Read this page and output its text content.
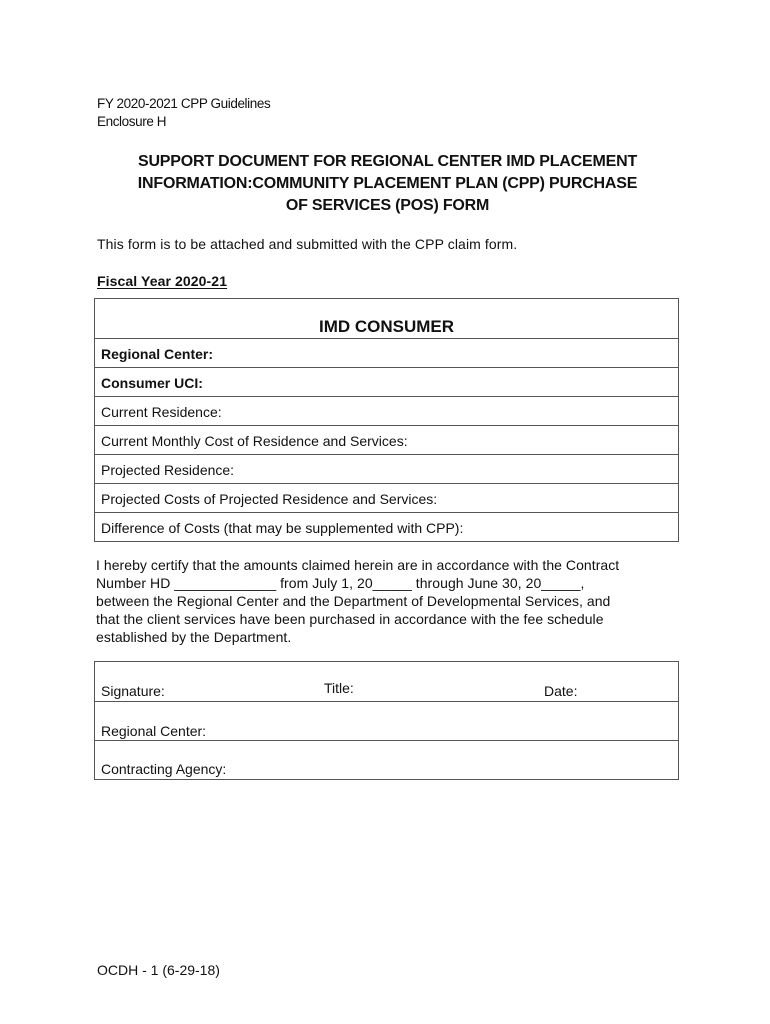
FY 2020-2021 CPP Guidelines
Enclosure H
SUPPORT DOCUMENT FOR REGIONAL CENTER IMD PLACEMENT
INFORMATION:COMMUNITY PLACEMENT PLAN (CPP) PURCHASE
OF SERVICES (POS) FORM
This form is to be attached and submitted with the CPP claim form.
Fiscal Year 2020-21
IMD CONSUMER
Regional Center:
Consumer UCI:
Current Residence:
Current Monthly Cost of Residence and Services:
Projected Residence:
Projected Costs of Projected Residence and Services:
Difference of Costs (that may be supplemented with CPP):
I hereby certify that the amounts claimed herein are in accordance with the Contract
Number HD _____________ from July 1, 20_____ through June 30, 20_____,
between the Regional Center and the Department of Developmental Services, and
that the client services have been purchased in accordance with the fee schedule
established by the Department.
Signature:	Title:	Date:

Regional Center:

Contracting Agency:
OCDH - 1 (6-29-18)
